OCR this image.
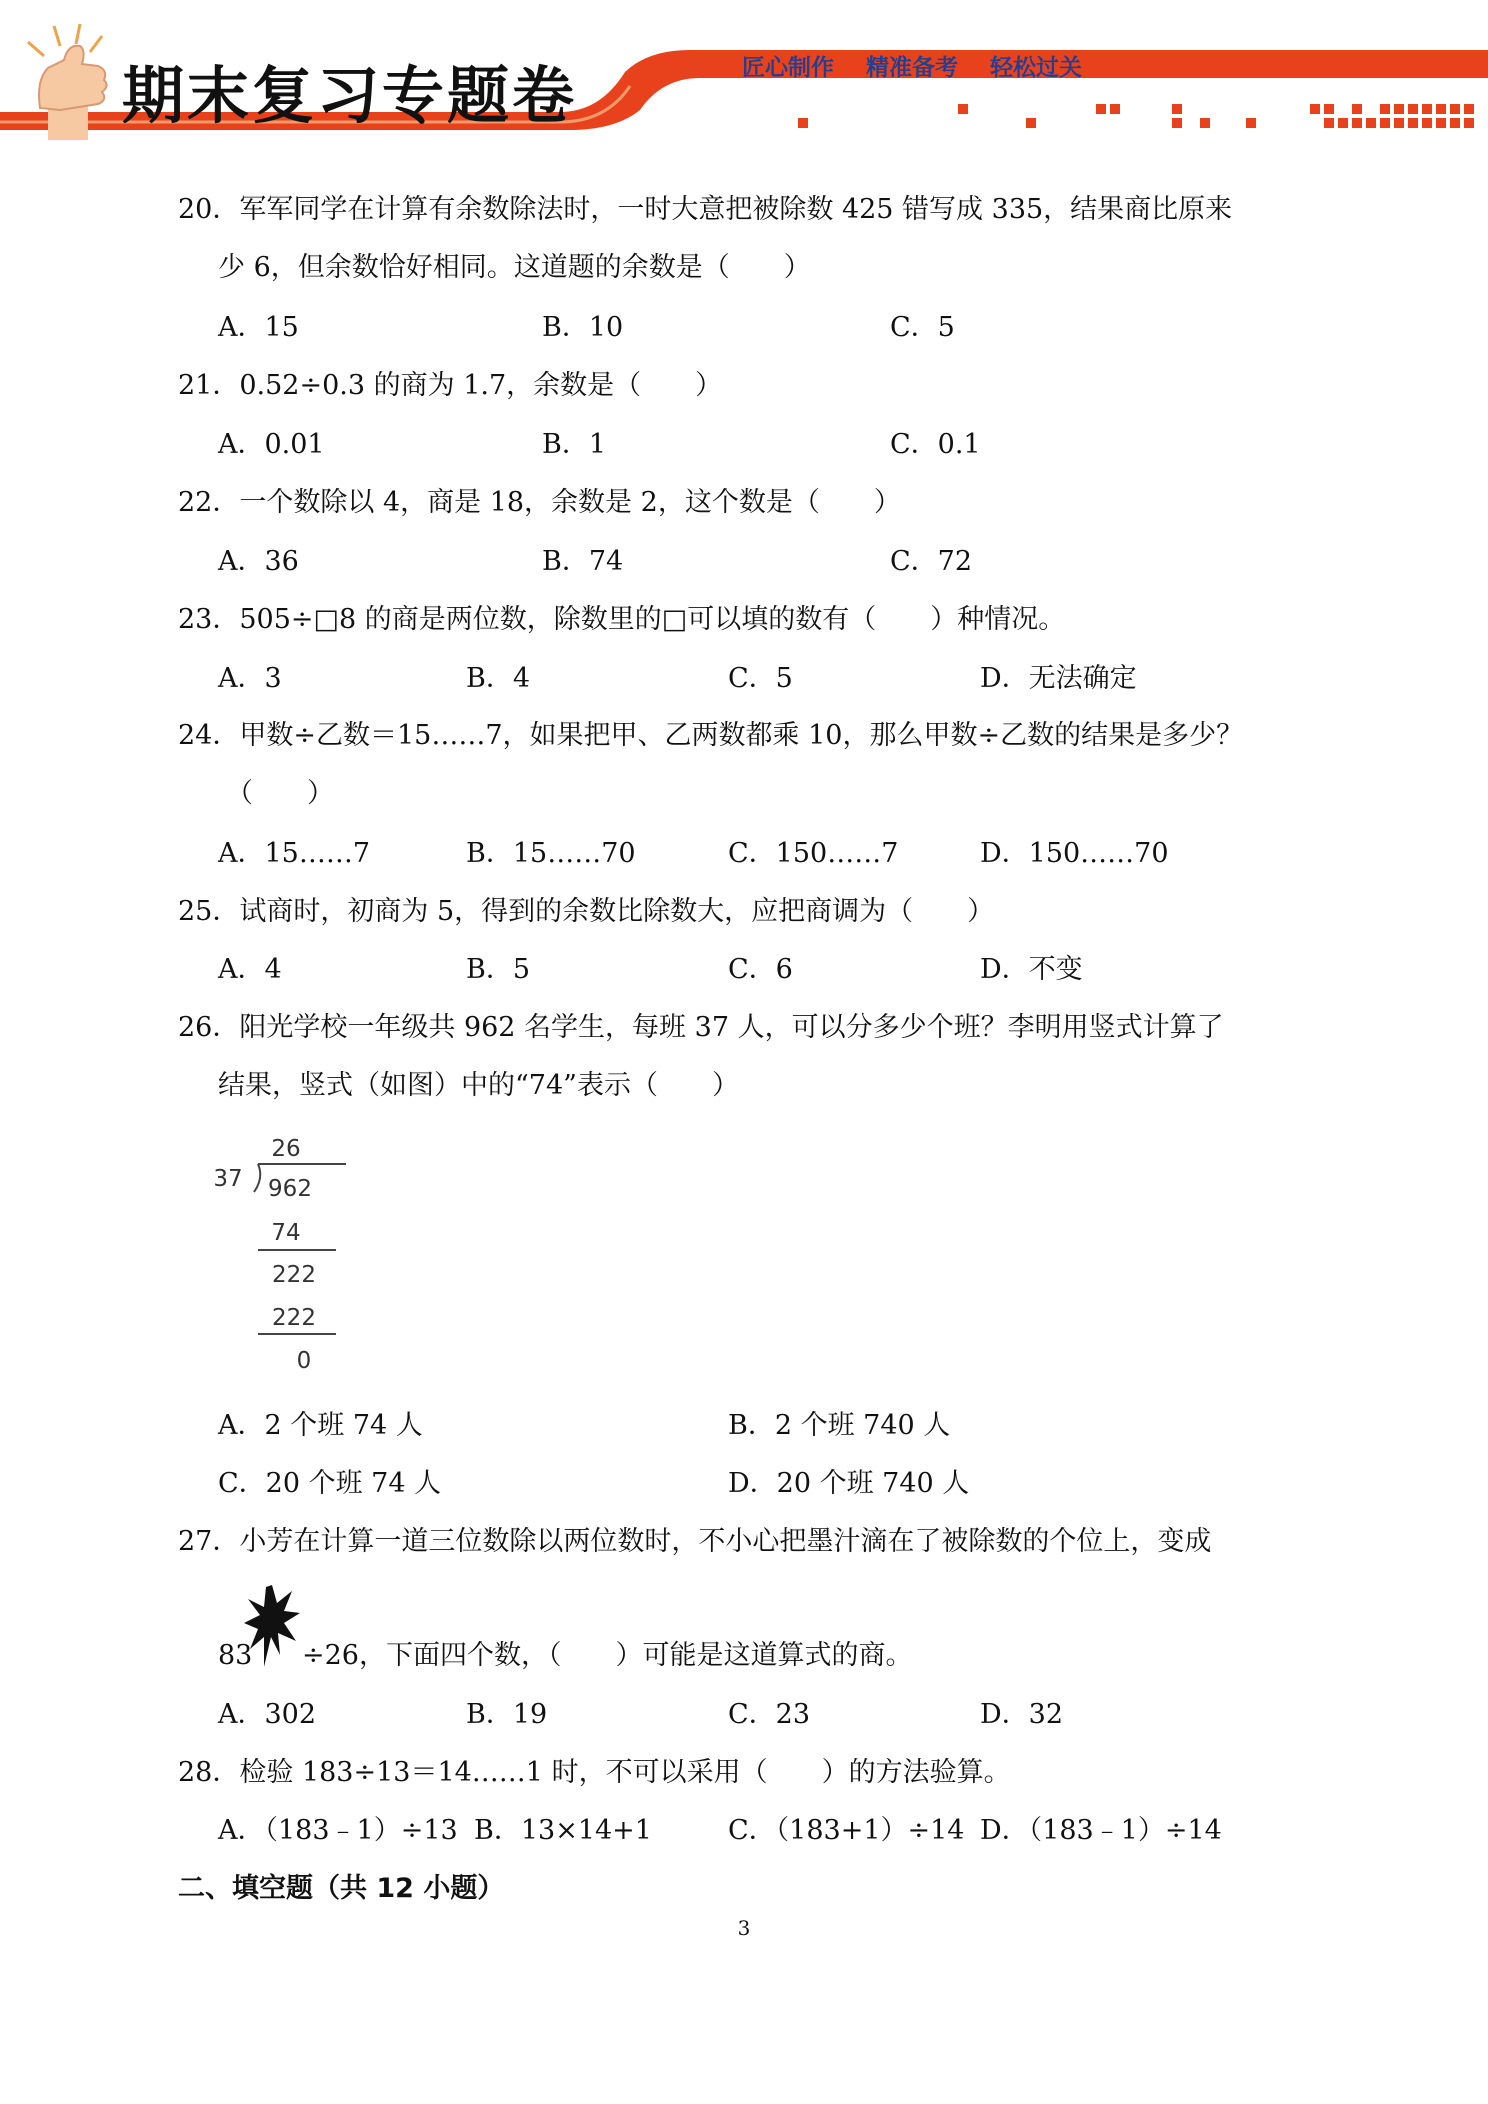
期末复习专题卷	匠心制作 精准备考 轻松过关
20．军军同学在计算有余数除法时，一时大意把被除数 425 错写成 335，结果商比原来
少 6，但余数恰好相同。这道题的余数是（　　）
A．15	B．10	C．5
21．0.52÷0.3 的商为 1.7，余数是（　　）
A．0.01	B．1	C．0.1
22．一个数除以 4，商是 18，余数是 2，这个数是（　　）
A．36	B．74	C．72
23．505÷□8 的商是两位数，除数里的□可以填的数有（　　）种情况。
A．3	B．4	C．5	D．无法确定
24．甲数÷乙数＝15……7，如果把甲、乙两数都乘 10，那么甲数÷乙数的结果是多少？
（　　）
A．15……7	B．15……70	C．150……7	D．150……70
25．试商时，初商为 5，得到的余数比除数大，应把商调为（　　）
A．4	B．5	C．6	D．不变
26．阳光学校一年级共 962 名学生，每班 37 人，可以分多少个班？李明用竖式计算了
结果，竖式（如图）中的“74”表示（　　）
26
37 962
74
222
222
0
A．2 个班 74 人	B．2 个班 740 人
C．20 个班 74 人	D．20 个班 740 人
27．小芳在计算一道三位数除以两位数时，不小心把墨汁滴在了被除数的个位上，变成
83 ÷26，下面四个数，（　　）可能是这道算式的商。
A．302	B．19	C．23	D．32
28．检验 183÷13＝14……1 时，不可以采用（　　）的方法验算。
A．（183﹣1）÷13 B．13×14+1	C．（183+1）÷14 D．（183﹣1）÷14
二、填空题（共 12 小题）
3
